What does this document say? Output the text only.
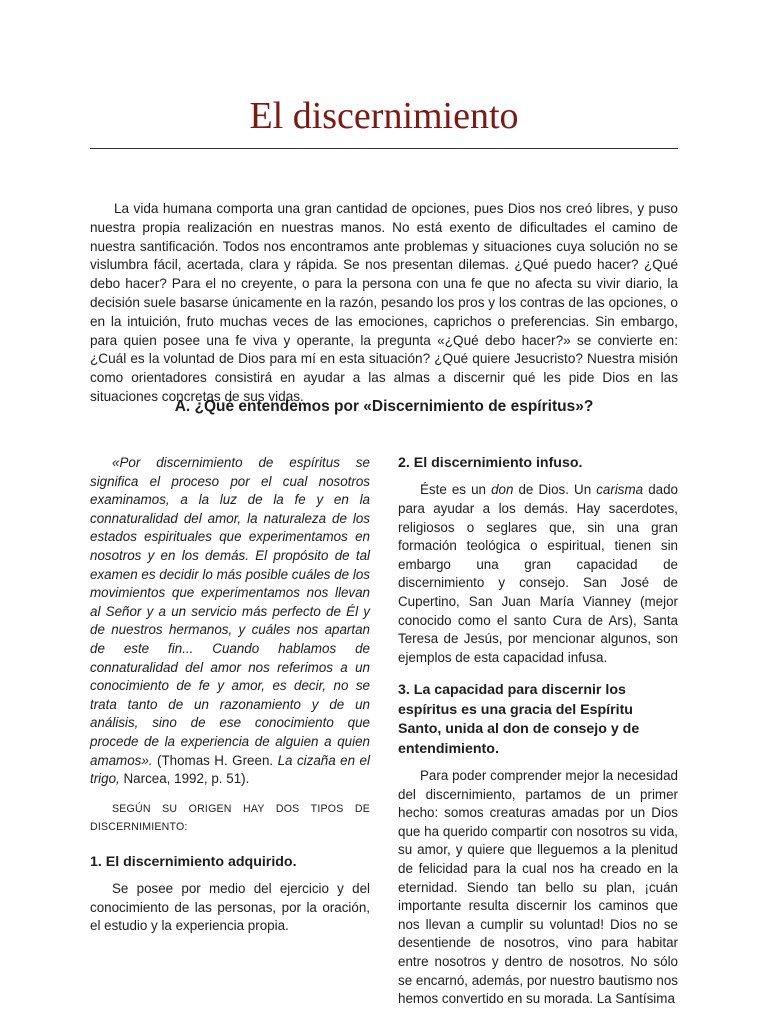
El discernimiento

La vida humana comporta una gran cantidad de opciones, pues Dios nos creó libres, y puso nuestra propia realización en nuestras manos. No está exento de dificultades el camino de nuestra santificación. Todos nos encontramos ante problemas y situaciones cuya solución no se vislumbra fácil, acertada, clara y rápida. Se nos presentan dilemas. ¿Qué puedo hacer? ¿Qué debo hacer? Para el no creyente, o para la persona con una fe que no afecta su vivir diario, la decisión suele basarse únicamente en la razón, pesando los pros y los contras de las opciones, o en la intuición, fruto muchas veces de las emociones, caprichos o preferencias. Sin embargo, para quien posee una fe viva y operante, la pregunta «¿Qué debo hacer?» se convierte en: ¿Cuál es la voluntad de Dios para mí en esta situación? ¿Qué quiere Jesucristo? Nuestra misión como orientadores consistirá en ayudar a las almas a discernir qué les pide Dios en las situaciones concretas de sus vidas.

A. ¿Qué entendemos por «Discernimiento de espíritus»?

«Por discernimiento de espíritus se significa el proceso por el cual nosotros examinamos, a la luz de la fe y en la connaturalidad del amor, la naturaleza de los estados espirituales que experimentamos en nosotros y en los demás. El propósito de tal examen es decidir lo más posible cuáles de los movimientos que experimentamos nos llevan al Señor y a un servicio más perfecto de Él y de nuestros hermanos, y cuáles nos apartan de este fin... Cuando hablamos de connaturalidad del amor nos referimos a un conocimiento de fe y amor, es decir, no se trata tanto de un razonamiento y de un análisis, sino de ese conocimiento que procede de la experiencia de alguien a quien amamos». (Thomas H. Green. La cizaña en el trigo, Narcea, 1992, p. 51).

SEGÚN SU ORIGEN HAY DOS TIPOS DE DISCERNIMIENTO:

1. El discernimiento adquirido.

Se posee por medio del ejercicio y del conocimiento de las personas, por la oración, el estudio y la experiencia propia.

2. El discernimiento infuso.

Éste es un don de Dios. Un carisma dado para ayudar a los demás. Hay sacerdotes, religiosos o seglares que, sin una gran formación teológica o espiritual, tienen sin embargo una gran capacidad de discernimiento y consejo. San José de Cupertino, San Juan María Vianney (mejor conocido como el santo Cura de Ars), Santa Teresa de Jesús, por mencionar algunos, son ejemplos de esta capacidad infusa.

3. La capacidad para discernir los espíritus es una gracia del Espíritu Santo, unida al don de consejo y de entendimiento.

Para poder comprender mejor la necesidad del discernimiento, partamos de un primer hecho: somos creaturas amadas por un Dios que ha querido compartir con nosotros su vida, su amor, y quiere que lleguemos a la plenitud de felicidad para la cual nos ha creado en la eternidad. Siendo tan bello su plan, ¡cuán importante resulta discernir los caminos que nos llevan a cumplir su voluntad! Dios no se desentiende de nosotros, vino para habitar entre nosotros y dentro de nosotros. No sólo se encarnó, además, por nuestro bautismo nos hemos convertido en su morada. La Santísima
